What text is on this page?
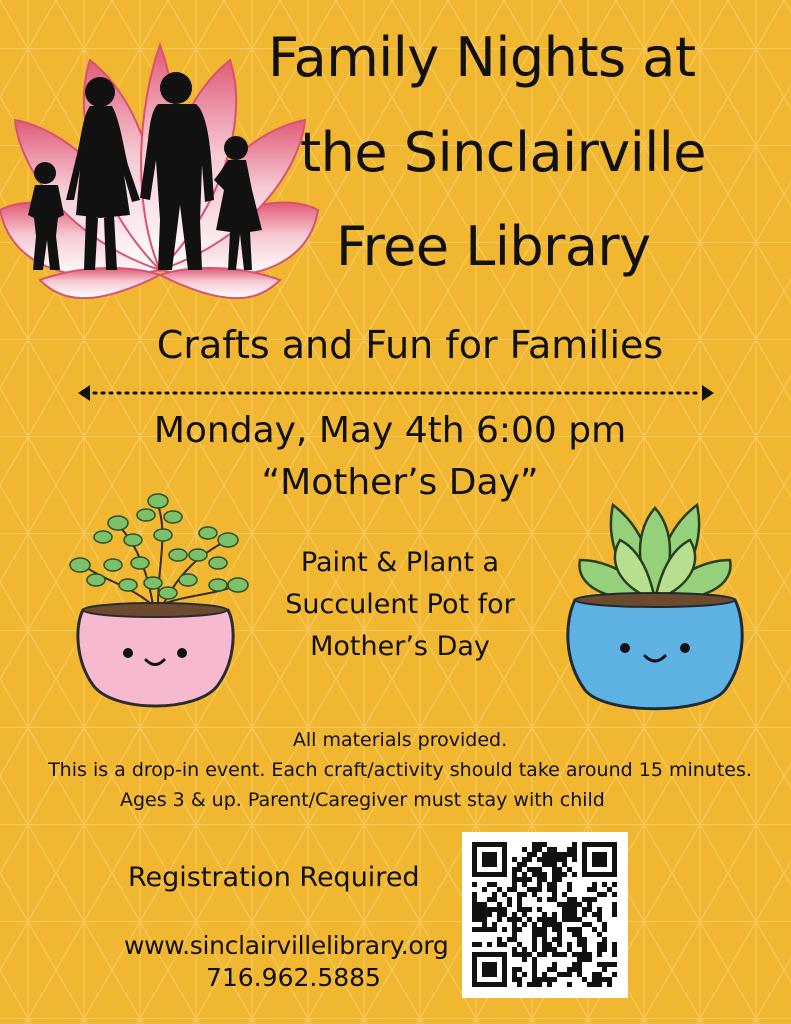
Family Nights at
the Sinclairville
Free Library
Crafts and Fun for Families
Monday, May 4th 6:00 pm
“Mother’s Day”
Paint & Plant a
Succulent Pot for
Mother’s Day
All materials provided.
This is a drop-in event. Each craft/activity should take around 15 minutes.
Ages 3 & up. Parent/Caregiver must stay with child
Registration Required
www.sinclairvillelibrary.org
716.962.5885
